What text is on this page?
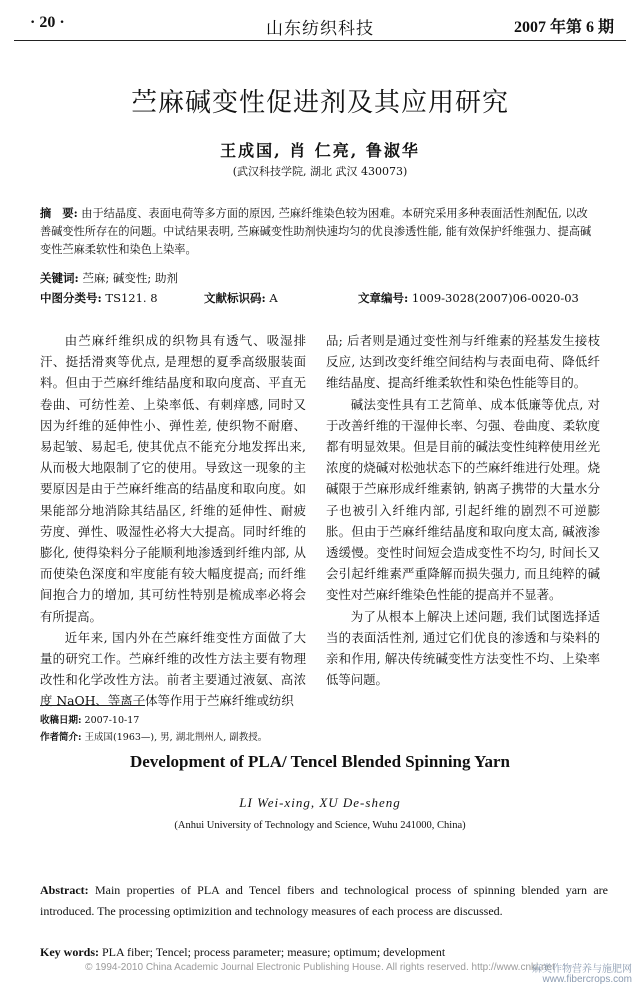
· 20 ·	山东纺织科技	2007 年第 6 期
苎麻碱变性促进剂及其应用研究
王成国, 肖 仁亮, 鲁淑华
(武汉科技学院, 湖北 武汉 430073)
摘　要: 由于结晶度、表面电荷等多方面的原因, 苎麻纤维染色较为困难。本研究采用多种表面活性剂配伍, 以改善碱变性所存在的问题。中试结果表明, 苎麻碱变性助剂快速均匀的优良渗透性能, 能有效保护纤维强力、提高碱变性苎麻柔软性和染色上染率。
关键词: 苎麻; 碱变性; 助剂
中图分类号: TS121. 8	文献标识码: A	文章编号: 1009-3028(2007)06-0020-03

由苎麻纤维织成的织物具有透气、吸湿排汗、挺括滑爽等优点, 是理想的夏季高级服装面料。但由于苎麻纤维结晶度和取向度高、平直无卷曲、可纺性差、上染率低、有刺痒感, 同时又因为纤维的延伸性小、弹性差, 使织物不耐磨、易起皱、易起毛, 使其优点不能充分地发挥出来, 从而极大地限制了它的使用。导致这一现象的主要原因是由于苎麻纤维高的结晶度和取向度。如果能部分地消除其结晶区, 纤维的延伸性、耐疲劳度、弹性、吸湿性必将大大提高。同时纤维的膨化, 使得染料分子能顺利地渗透到纤维内部, 从而使染色深度和牢度能有较大幅度提高; 而纤维间抱合力的增加, 其可纺性特别是梳成率必将会有所提高。

近年来, 国内外在苎麻纤维变性方面做了大量的研究工作。苎麻纤维的改性方法主要有物理改性和化学改性方法。前者主要通过液氨、高浓度 NaOH、等离子体等作用于苎麻纤维或纺织

品; 后者则是通过变性剂与纤维素的羟基发生接枝反应, 达到改变纤维空间结构与表面电荷、降低纤维结晶度、提高纤维柔软性和染色性能等目的。

碱法变性具有工艺简单、成本低廉等优点, 对于改善纤维的干湿伸长率、匀强、卷曲度、柔软度都有明显效果。但是目前的碱法变性纯粹使用丝光浓度的烧碱对松弛状态下的苎麻纤维进行处理。烧碱限于苎麻形成纤维素钠, 钠离子携带的大量水分子也被引入纤维内部, 引起纤维的剧烈不可逆膨胀。但由于苎麻纤维结晶度和取向度太高, 碱液渗透缓慢。变性时间短会造成变性不均匀, 时间长又会引起纤维素严重降解而损失强力, 而且纯粹的碱变性对苎麻纤维染色性能的提高并不显著。

为了从根本上解决上述问题, 我们试图选择适当的表面活性剂, 通过它们优良的渗透和与染料的亲和作用, 解决传统碱变性方法变性不均、上染率低等问题。

收稿日期: 2007-10-17
作者简介: 王成国(1963—), 男, 湖北荆州人, 副教授。
Development of PLA/ Tencel Blended Spinning Yarn
LI Wei-xing, XU De-sheng
(Anhui University of Technology and Science, Wuhu 241000, China)
Abstract: Main properties of PLA and Tencel fibers and technological process of spinning blended yarn are introduced. The processing optimizition and technology measures of each process are discussed.
Key words: PLA fiber; Tencel; process parameter; measure; optimum; development
© 1994-2010 China Academic Journal Electronic Publishing House. All rights reserved. http://www.cnki.net
麻类作物营养与施肥网
www.fibercrops.com
